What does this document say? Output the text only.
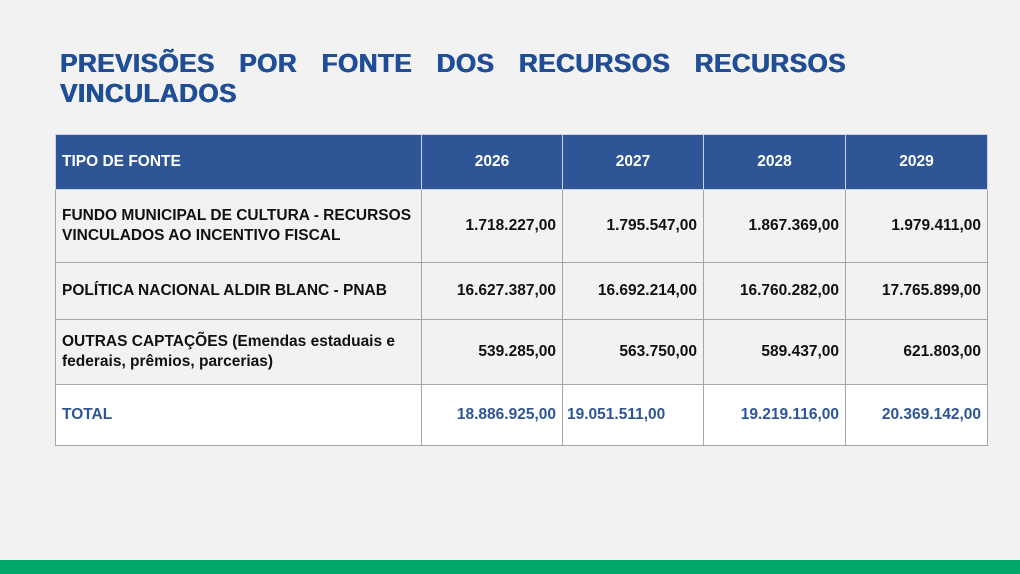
PREVISÕES POR FONTE DOS RECURSOS RECURSOS VINCULADOS
TIPO DE FONTE	2026	2027	2028	2029
FUNDO MUNICIPAL DE CULTURA - RECURSOS VINCULADOS AO INCENTIVO FISCAL	1.718.227,00	1.795.547,00	1.867.369,00	1.979.411,00
POLÍTICA NACIONAL ALDIR BLANC - PNAB	16.627.387,00	16.692.214,00	16.760.282,00	17.765.899,00
OUTRAS CAPTAÇÕES (Emendas estaduais e federais, prêmios, parcerias)	539.285,00	563.750,00	589.437,00	621.803,00
TOTAL	18.886.925,00	19.051.511,00	19.219.116,00	20.369.142,00
